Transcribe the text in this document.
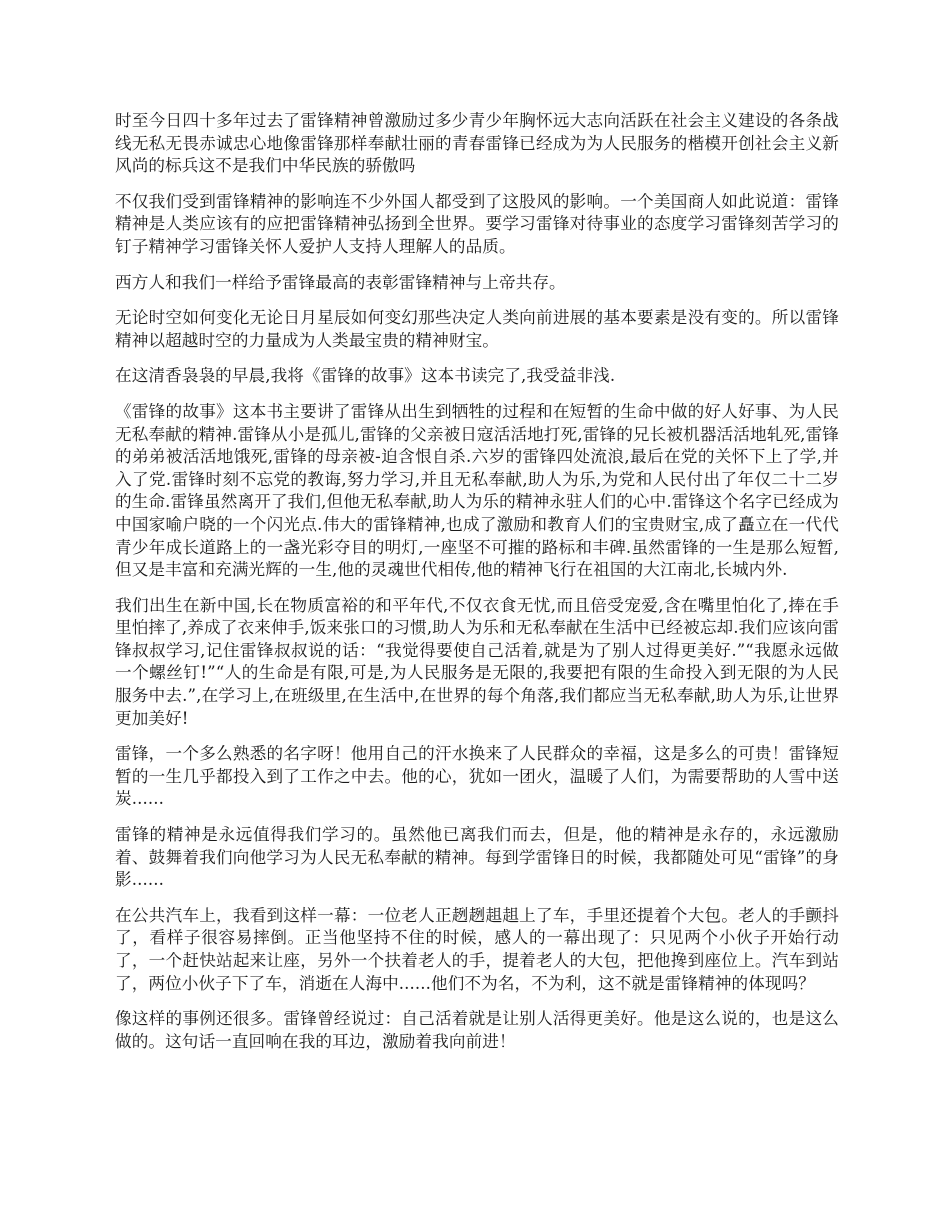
时至今日四十多年过去了雷锋精神曾激励过多少青少年胸怀远大志向活跃在社会主义建设的各条战线无私无畏赤诚忠心地像雷锋那样奉献壮丽的青春雷锋已经成为为人民服务的楷模开创社会主义新风尚的标兵这不是我们中华民族的骄傲吗

不仅我们受到雷锋精神的影响连不少外国人都受到了这股风的影响。一个美国商人如此说道：雷锋精神是人类应该有的应把雷锋精神弘扬到全世界。要学习雷锋对待事业的态度学习雷锋刻苦学习的钉子精神学习雷锋关怀人爱护人支持人理解人的品质。

西方人和我们一样给予雷锋最高的表彰雷锋精神与上帝共存。

无论时空如何变化无论日月星辰如何变幻那些决定人类向前进展的基本要素是没有变的。所以雷锋精神以超越时空的力量成为人类最宝贵的精神财宝。

在这清香袅袅的早晨,我将《雷锋的故事》这本书读完了,我受益非浅.

《雷锋的故事》这本书主要讲了雷锋从出生到牺牲的过程和在短暂的生命中做的好人好事、为人民无私奉献的精神.雷锋从小是孤儿,雷锋的父亲被日寇活活地打死,雷锋的兄长被机器活活地轧死,雷锋的弟弟被活活地饿死,雷锋的母亲被-迫含恨自杀.六岁的雷锋四处流浪,最后在党的关怀下上了学,并入了党.雷锋时刻不忘党的教诲,努力学习,并且无私奉献,助人为乐,为党和人民付出了年仅二十二岁的生命.雷锋虽然离开了我们,但他无私奉献,助人为乐的精神永驻人们的心中.雷锋这个名字已经成为中国家喻户晓的一个闪光点.伟大的雷锋精神,也成了激励和教育人们的宝贵财宝,成了矗立在一代代青少年成长道路上的一盏光彩夺目的明灯,一座坚不可摧的路标和丰碑.虽然雷锋的一生是那么短暂,但又是丰富和充满光辉的一生,他的灵魂世代相传,他的精神飞行在祖国的大江南北,长城内外.

我们出生在新中国,长在物质富裕的和平年代,不仅衣食无忧,而且倍受宠爱,含在嘴里怕化了,捧在手里怕摔了,养成了衣来伸手,饭来张口的习惯,助人为乐和无私奉献在生活中已经被忘却.我们应该向雷锋叔叔学习,记住雷锋叔叔说的话：“我觉得要使自己活着,就是为了别人过得更美好.”“我愿永远做一个螺丝钉!”“人的生命是有限,可是,为人民服务是无限的,我要把有限的生命投入到无限的为人民服务中去.”,在学习上,在班级里,在生活中,在世界的每个角落,我们都应当无私奉献,助人为乐,让世界更加美好!

雷锋，一个多么熟悉的名字呀！他用自己的汗水换来了人民群众的幸福，这是多么的可贵！雷锋短暂的一生几乎都投入到了工作之中去。他的心，犹如一团火，温暖了人们，为需要帮助的人雪中送炭......

雷锋的精神是永远值得我们学习的。虽然他已离我们而去，但是，他的精神是永存的，永远激励着、鼓舞着我们向他学习为人民无私奉献的精神。每到学雷锋日的时候，我都随处可见“雷锋”的身影......

在公共汽车上，我看到这样一幕：一位老人正趔趔趄趄上了车，手里还提着个大包。老人的手颤抖了，看样子很容易摔倒。正当他坚持不住的时候，感人的一幕出现了：只见两个小伙子开始行动了，一个赶快站起来让座，另外一个扶着老人的手，提着老人的大包，把他搀到座位上。汽车到站了，两位小伙子下了车，消逝在人海中......他们不为名，不为利，这不就是雷锋精神的体现吗？

像这样的事例还很多。雷锋曾经说过：自己活着就是让别人活得更美好。他是这么说的，也是这么做的。这句话一直回响在我的耳边，激励着我向前进！
